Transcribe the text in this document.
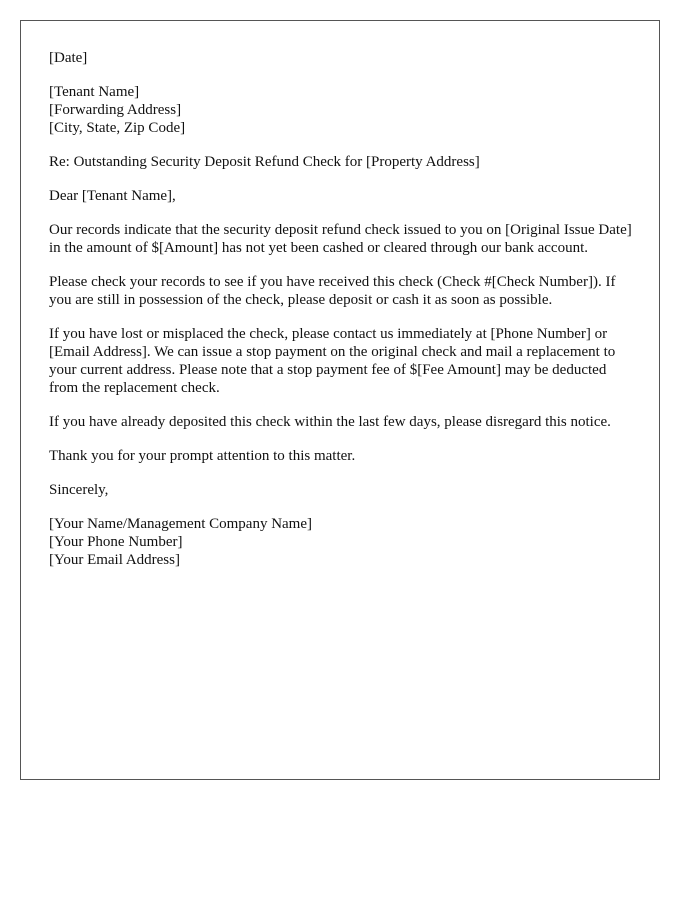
[Date]
[Tenant Name]
[Forwarding Address]
[City, State, Zip Code]
Re: Outstanding Security Deposit Refund Check for [Property Address]
Dear [Tenant Name],

Our records indicate that the security deposit refund check issued to you on [Original Issue Date] in the amount of $[Amount] has not yet been cashed or cleared through our bank account.

Please check your records to see if you have received this check (Check #[Check Number]). If you are still in possession of the check, please deposit or cash it as soon as possible.

If you have lost or misplaced the check, please contact us immediately at [Phone Number] or [Email Address]. We can issue a stop payment on the original check and mail a replacement to your current address. Please note that a stop payment fee of $[Fee Amount] may be deducted from the replacement check.

If you have already deposited this check within the last few days, please disregard this notice.

Thank you for your prompt attention to this matter.

Sincerely,
[Your Name/Management Company Name]
[Your Phone Number]
[Your Email Address]
